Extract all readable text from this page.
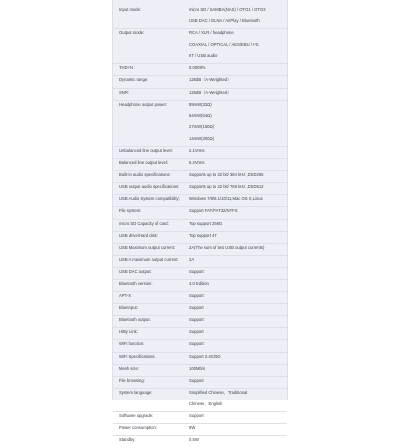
Input mode:	micro SD / SAMBA(NAS) / OTG1 / OTG2
USB DAC / DLNA / AirPlay / Bluetooth
Output mode:	RCA / XLR / headphone
COAXIAL / OPTICAL / AES/EBU / I²S
IIT / USB audio
THD+N :	0.0008%
Dynamic range:	126dB（A-Weighted）
SNR:	126dB（A-Weighted）
Headphone output power:	89mW(32Ω)
64mW(64Ω)
27mW(150Ω)
14mW(300Ω)
Unbalanced line output level:	2.1Vrms
Balanced line output level:	5.2Vrms
Built-in audio specifications:	Supports up to 32 bit/ 384 kHz ,DSD256
USB output audio specifications:	Supports up to 32 bit/ 768 kHz ,DSD512
USB Audio System compatibility:	Windows 7/8/8.1/10/11,Mac OS X,Linux
File system:	Support FAT/FAT32/NTFS
micro SD Capacity of card:	Top support 256G
USB drive/Hard disk:	Top support 4T
USB Maximum output current:	2A(The sum of two USB output currents)
USB A maximum output current:	2A
USB DAC output:	Support
Bluetooth version:	4.0 Edition
APT-X	Support
BlueInput:	Support
Bluetooth output:	Support
HiBy Link:	Support
WiFi function:	Support
WiFi Specifications:	Support 2.4G/5G
Mesh size:	100Mb/s
File browsing:	Support
System language:	Simplified Chinese、Traditional
Chinese、English
Software upgrade:	Support
Power consumption:	9W
Standby:	0.5W
